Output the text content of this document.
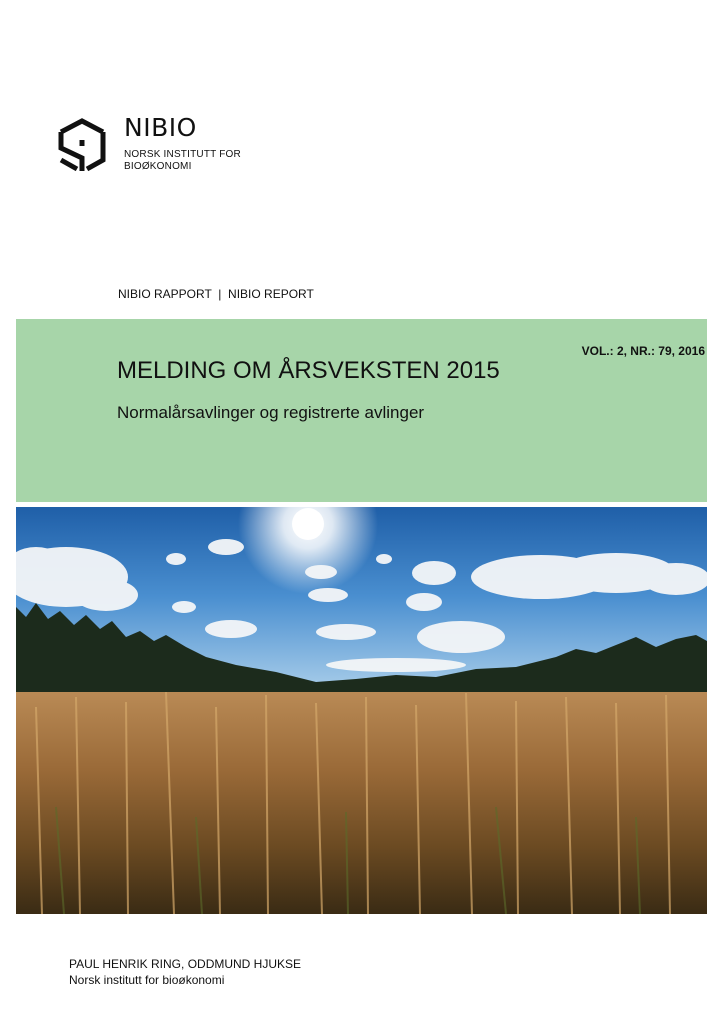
NIBIO
NORSK INSTITUTT FOR
BIOØKONOMI
NIBIO RAPPORT  |  NIBIO REPORT
VOL.: 2, NR.: 79, 2016
MELDING OM ÅRSVEKSTEN 2015
Normalårsavlinger og registrerte avlinger
PAUL HENRIK RING, ODDMUND HJUKSE
Norsk institutt for bioøkonomi
